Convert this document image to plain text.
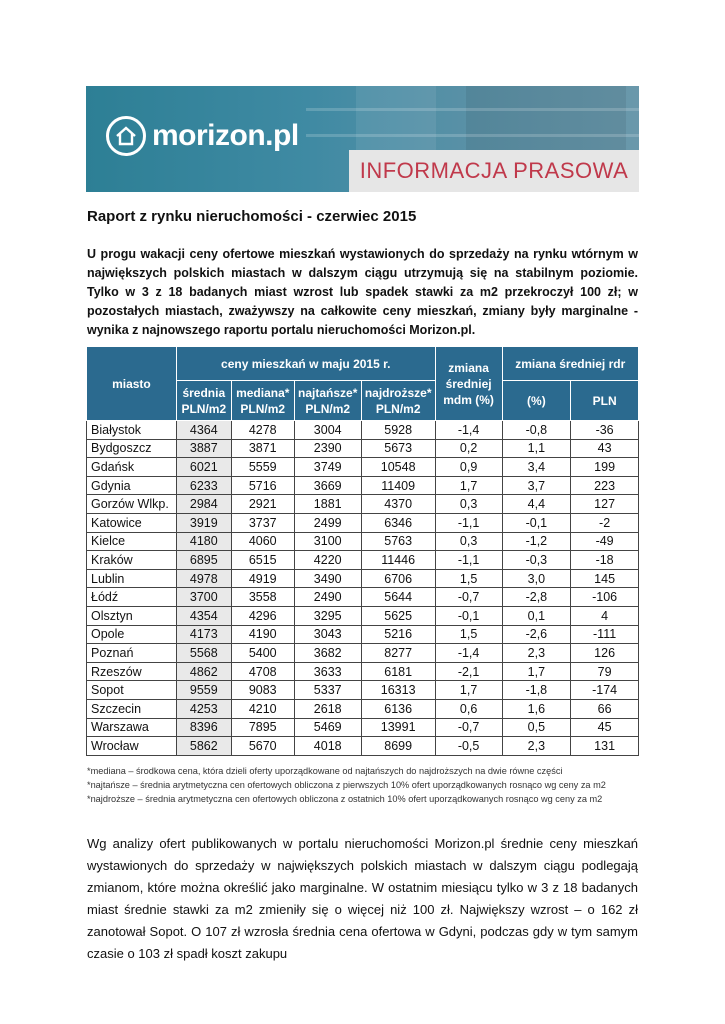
morizon.pl
INFORMACJA PRASOWA
Raport z rynku nieruchomości - czerwiec 2015

U progu wakacji ceny ofertowe mieszkań wystawionych do sprzedaży na rynku wtórnym w największych polskich miastach w dalszym ciągu utrzymują się na stabilnym poziomie. Tylko w 3 z 18 badanych miast wzrost lub spadek stawki za m2 przekroczył 100 zł; w pozostałych miastach, zważywszy na całkowite ceny mieszkań, zmiany były marginalne - wynika z najnowszego raportu portalu nieruchomości Morizon.pl.

miasto	ceny mieszkań w maju 2015 r.				zmiana średniej mdm (%)	zmiana średniej rdr	
	średnia PLN/m2	mediana* PLN/m2	najtańsze* PLN/m2	najdroższe* PLN/m2		(%)	PLN
Białystok	4364	4278	3004	5928	-1,4	-0,8	-36
Bydgoszcz	3887	3871	2390	5673	0,2	1,1	43
Gdańsk	6021	5559	3749	10548	0,9	3,4	199
Gdynia	6233	5716	3669	11409	1,7	3,7	223
Gorzów Wlkp.	2984	2921	1881	4370	0,3	4,4	127
Katowice	3919	3737	2499	6346	-1,1	-0,1	-2
Kielce	4180	4060	3100	5763	0,3	-1,2	-49
Kraków	6895	6515	4220	11446	-1,1	-0,3	-18
Lublin	4978	4919	3490	6706	1,5	3,0	145
Łódź	3700	3558	2490	5644	-0,7	-2,8	-106
Olsztyn	4354	4296	3295	5625	-0,1	0,1	4
Opole	4173	4190	3043	5216	1,5	-2,6	-111
Poznań	5568	5400	3682	8277	-1,4	2,3	126
Rzeszów	4862	4708	3633	6181	-2,1	1,7	79
Sopot	9559	9083	5337	16313	1,7	-1,8	-174
Szczecin	4253	4210	2618	6136	0,6	1,6	66
Warszawa	8396	7895	5469	13991	-0,7	0,5	45
Wrocław	5862	5670	4018	8699	-0,5	2,3	131
*mediana – środkowa cena, która dzieli oferty uporządkowane od najtańszych do najdroższych na dwie równe części
*najtańsze – średnia arytmetyczna cen ofertowych obliczona z pierwszych 10% ofert uporządkowanych rosnąco wg ceny za m2
*najdroższe – średnia arytmetyczna cen ofertowych obliczona z ostatnich 10% ofert uporządkowanych rosnąco wg ceny za m2

Wg analizy ofert publikowanych w portalu nieruchomości Morizon.pl średnie ceny mieszkań wystawionych do sprzedaży w największych polskich miastach w dalszym ciągu podlegają zmianom, które można określić jako marginalne. W ostatnim miesiącu tylko w 3 z 18 badanych miast średnie stawki za m2 zmieniły się o więcej niż 100 zł. Największy wzrost – o 162 zł zanotował Sopot. O 107 zł wzrosła średnia cena ofertowa w Gdyni, podczas gdy w tym samym czasie o 103 zł spadł koszt zakupu
